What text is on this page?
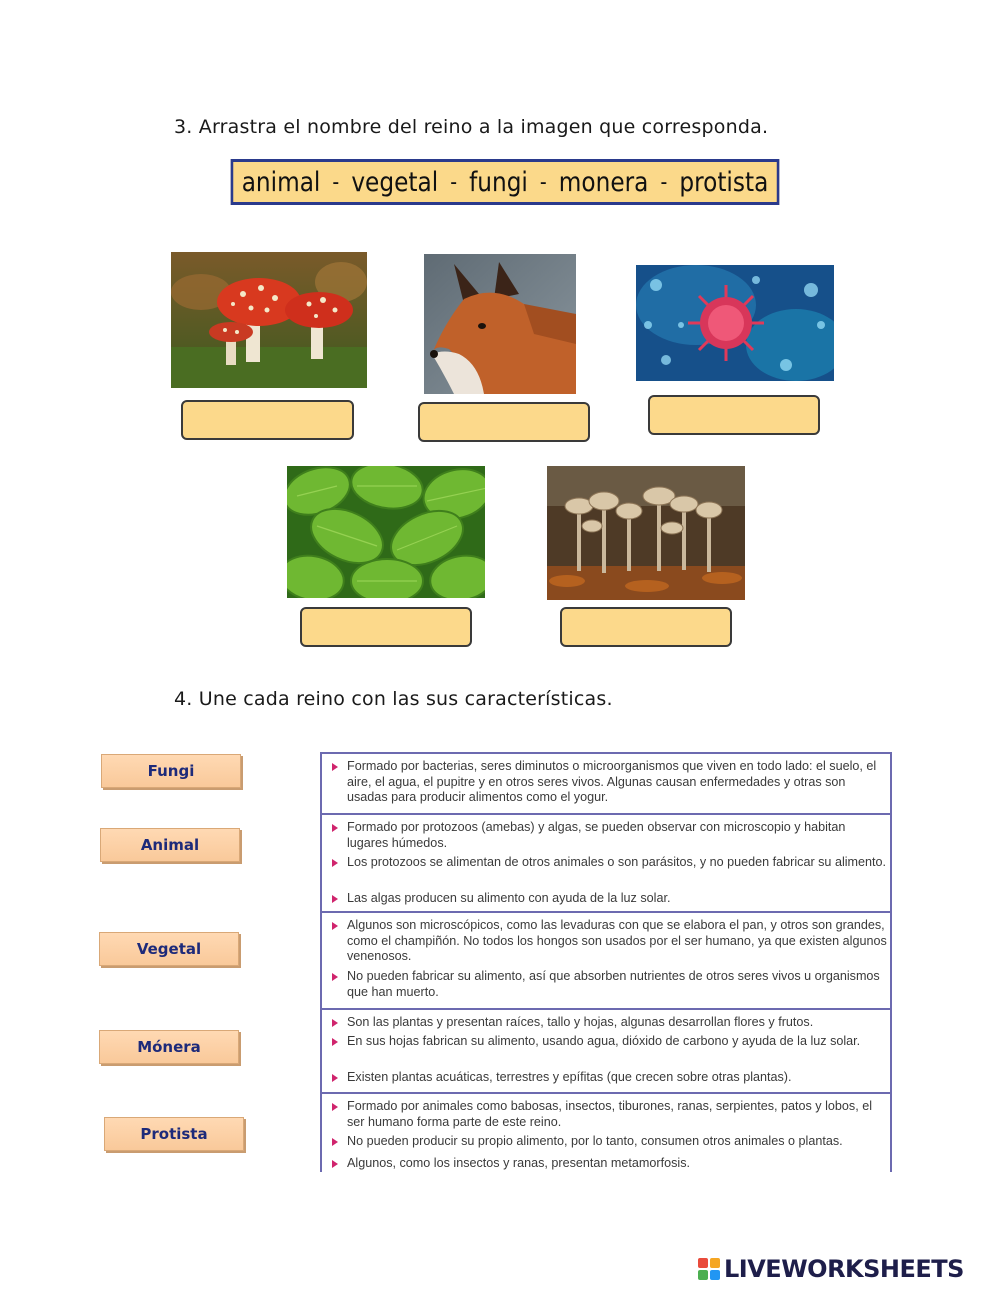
3. Arrastra el nombre del reino a la imagen que corresponda.
animal - vegetal - fungi - monera - protista
4. Une cada reino con las sus características.
Fungi
Animal
Vegetal
Mónera
Protista
Formado por bacterias, seres diminutos o microorganismos que viven en todo lado: el suelo, el aire, el agua, el pupitre y en otros seres vivos. Algunas causan enfermedades y otras son usadas para producir alimentos como el yogur.
Formado por protozoos (amebas) y algas, se pueden observar con microscopio y habitan lugares húmedos.
Los protozoos se alimentan de otros animales o son parásitos, y no pueden fabricar su alimento.
Las algas producen su alimento con ayuda de la luz solar.
Algunos son microscópicos, como las levaduras con que se elabora el pan, y otros son grandes, como el champiñón. No todos los hongos son usados por el ser humano, ya que existen algunos venenosos.
No pueden fabricar su alimento, así que absorben nutrientes de otros seres vivos u organismos que han muerto.
Son las plantas y presentan raíces, tallo y hojas, algunas desarrollan flores y frutos.
En sus hojas fabrican su alimento, usando agua, dióxido de carbono y ayuda de la luz solar.
Existen plantas acuáticas, terrestres y epífitas (que crecen sobre otras plantas).
Formado por animales como babosas, insectos, tiburones, ranas, serpientes, patos y lobos, el ser humano forma parte de este reino.
No pueden producir su propio alimento, por lo tanto, consumen otros animales o plantas.
Algunos, como los insectos y ranas, presentan metamorfosis.
LIVEWORKSHEETS
